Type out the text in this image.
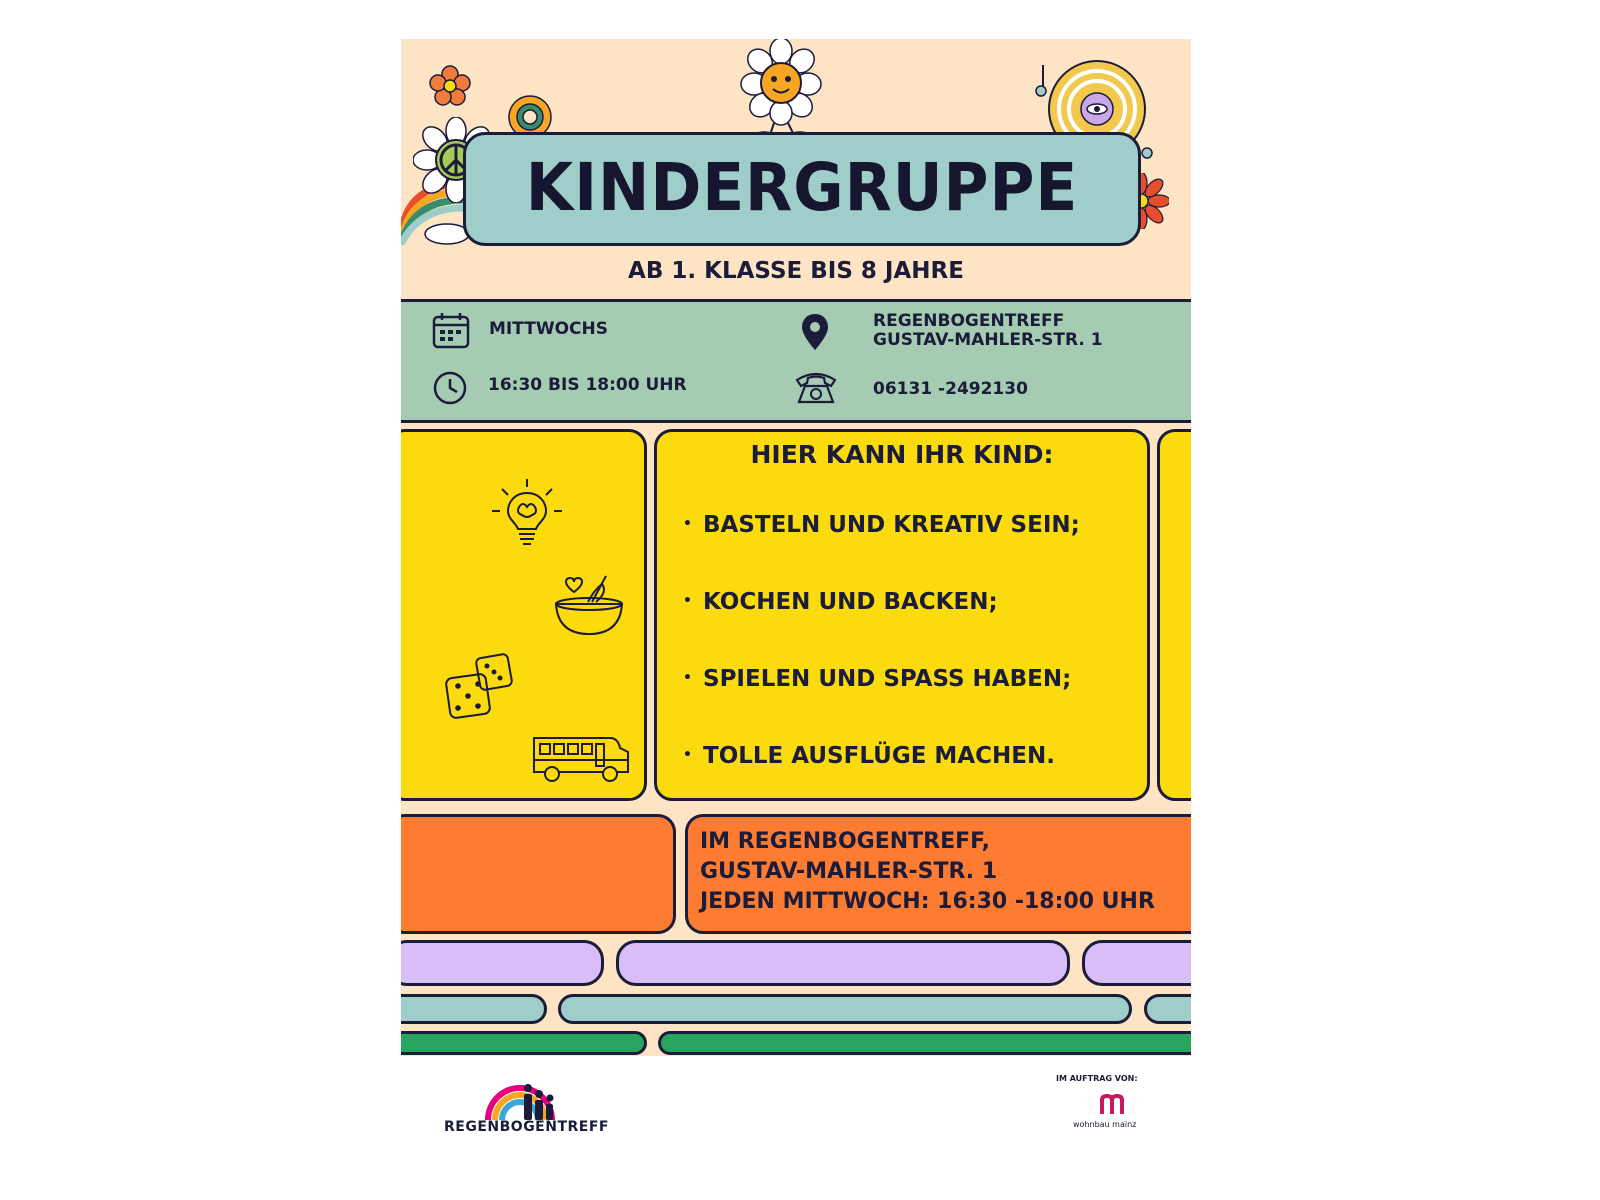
KINDERGRUPPE
AB 1. KLASSE BIS 8 JAHRE
MITTWOCHS
16:30 BIS 18:00 UHR
REGENBOGENTREFF
GUSTAV-MAHLER-STR. 1
06131 -2492130
HIER KANN IHR KIND:
• BASTELN UND KREATIV SEIN;
• KOCHEN UND BACKEN;
• SPIELEN UND SPASS HABEN;
• TOLLE AUSFLÜGE MACHEN.
IM REGENBOGENTREFF,
GUSTAV-MAHLER-STR. 1
JEDEN MITTWOCH: 16:30 -18:00 UHR
REGENBOGENTREFF
IM AUFTRAG VON:
wohnbau mainz
